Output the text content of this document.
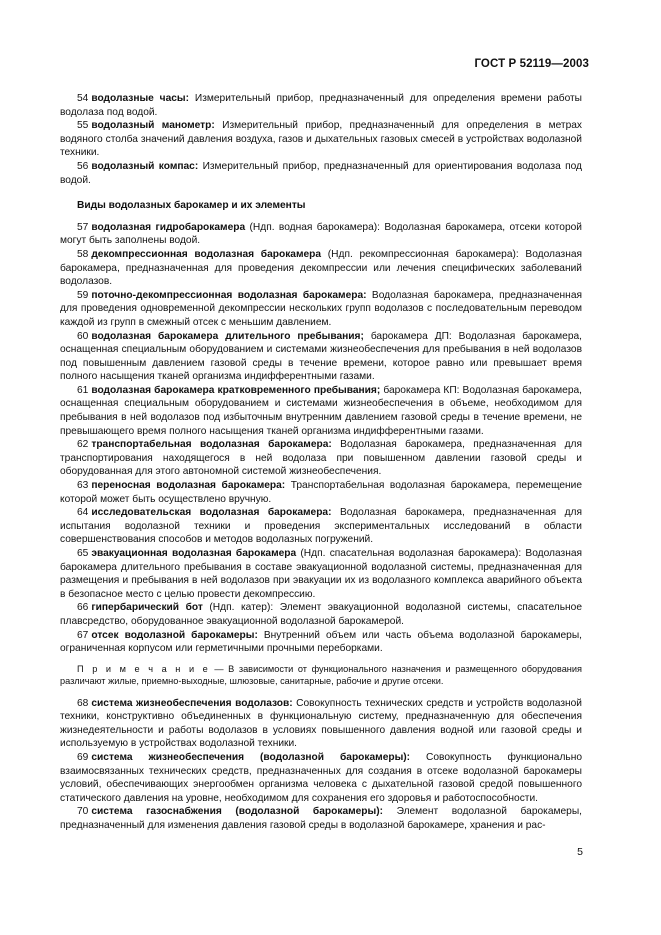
ГОСТ Р 52119—2003

54 водолазные часы: Измерительный прибор, предназначенный для определения времени работы водолаза под водой.

55 водолазный манометр: Измерительный прибор, предназначенный для определения в метрах водяного столба значений давления воздуха, газов и дыхательных газовых смесей в устройствах водолазной техники.

56 водолазный компас: Измерительный прибор, предназначенный для ориентирования водолаза под водой.

Виды водолазных барокамер и их элементы

57 водолазная гидробарокамера (Ндп. водная барокамера): Водолазная барокамера, отсеки которой могут быть заполнены водой.

58 декомпрессионная водолазная барокамера (Ндп. рекомпрессионная барокамера): Водолазная барокамера, предназначенная для проведения декомпрессии или лечения специфических заболеваний водолазов.

59 поточно-декомпрессионная водолазная барокамера: Водолазная барокамера, предназначенная для проведения одновременной декомпрессии нескольких групп водолазов с последовательным переводом каждой из групп в смежный отсек с меньшим давлением.

60 водолазная барокамера длительного пребывания; барокамера ДП: Водолазная барокамера, оснащенная специальным оборудованием и системами жизнеобеспечения для пребывания в ней водолазов под повышенным давлением газовой среды в течение времени, которое равно или превышает время полного насыщения тканей организма индифферентными газами.

61 водолазная барокамера кратковременного пребывания; барокамера КП: Водолазная барокамера, оснащенная специальным оборудованием и системами жизнеобеспечения в объеме, необходимом для пребывания в ней водолазов под избыточным внутренним давлением газовой среды в течение времени, не превышающего время полного насыщения тканей организма индифферентными газами.

62 транспортабельная водолазная барокамера: Водолазная барокамера, предназначенная для транспортирования находящегося в ней водолаза при повышенном давлении газовой среды и оборудованная для этого автономной системой жизнеобеспечения.

63 переносная водолазная барокамера: Транспортабельная водолазная барокамера, перемещение которой может быть осуществлено вручную.

64 исследовательская водолазная барокамера: Водолазная барокамера, предназначенная для испытания водолазной техники и проведения экспериментальных исследований в области совершенствования способов и методов водолазных погружений.

65 эвакуационная водолазная барокамера (Ндп. спасательная водолазная барокамера): Водолазная барокамера длительного пребывания в составе эвакуационной водолазной системы, предназначенная для размещения и пребывания в ней водолазов при эвакуации их из водолазного комплекса аварийного объекта в безопасное место с целью провести декомпрессию.

66 гипербарический бот (Ндп. катер): Элемент эвакуационной водолазной системы, спасательное плавсредство, оборудованное эвакуационной водолазной барокамерой.

67 отсек водолазной барокамеры: Внутренний объем или часть объема водолазной барокамеры, ограниченная корпусом или герметичными прочными переборками.

П р и м е ч а н и е — В зависимости от функционального назначения и размещенного оборудования различают жилые, приемно-выходные, шлюзовые, санитарные, рабочие и другие отсеки.

68 система жизнеобеспечения водолазов: Совокупность технических средств и устройств водолазной техники, конструктивно объединенных в функциональную систему, предназначенную для обеспечения жизнедеятельности и работы водолазов в условиях повышенного давления водной или газовой среды и используемую в устройствах водолазной техники.

69 система жизнеобеспечения (водолазной барокамеры): Совокупность функционально взаимосвязанных технических средств, предназначенных для создания в отсеке водолазной барокамеры условий, обеспечивающих энергообмен организма человека с дыхательной газовой средой повышенного статического давления на уровне, необходимом для сохранения его здоровья и работоспособности.

70 система газоснабжения (водолазной барокамеры): Элемент водолазной барокамеры, предназначенный для изменения давления газовой среды в водолазной барокамере, хранения и рас-

5
